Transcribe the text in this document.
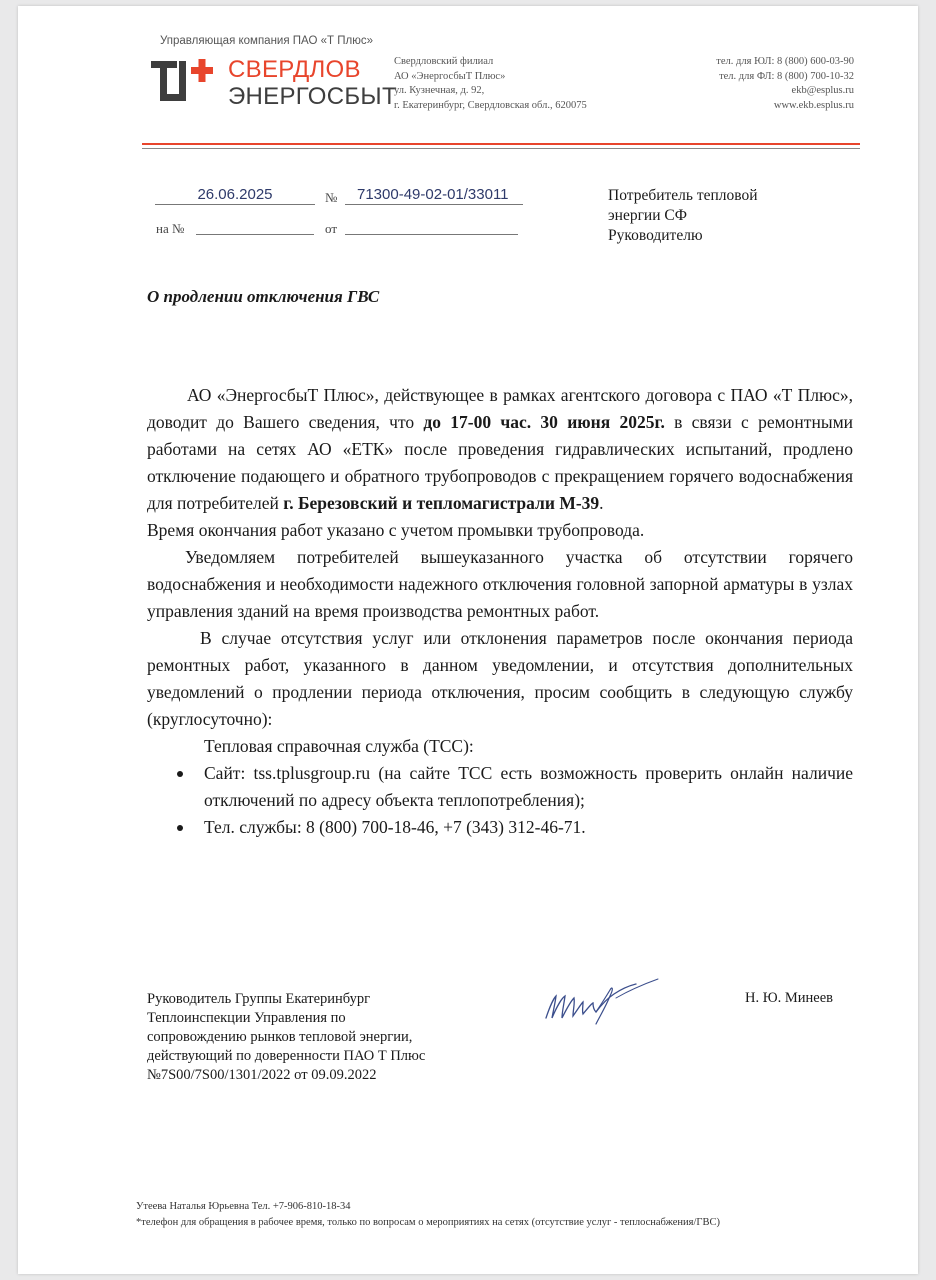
Управляющая компания ПАО «Т Плюс»
СВЕРДЛОВ
ЭНЕРГОСБЫТ
Свердловский филиал
АО «ЭнергосбыТ Плюс»
ул. Кузнечная, д. 92,
г. Екатеринбург, Свердловская обл., 620075
тел. для ЮЛ: 8 (800) 600-03-90
тел. для ФЛ: 8 (800) 700-10-32
ekb@esplus.ru
www.ekb.esplus.ru
26.06.2025	№	71300-49-02-01/33011
на №	от
Потребитель тепловой
энергии СФ
Руководителю
О продлении отключения ГВС

АО «ЭнергосбыТ Плюс», действующее в рамках агентского договора с ПАО «Т Плюс», доводит до Вашего сведения, что до 17-00 час. 30 июня 2025г. в связи с ремонтными работами на сетях АО «ЕТК» после проведения гидравлических испытаний, продлено отключение подающего и обратного трубопроводов с прекращением горячего водоснабжения для потребителей г. Березовский и тепломагистрали М-39.

Время окончания работ указано с учетом промывки трубопровода.

Уведомляем потребителей вышеуказанного участка об отсутствии горячего водоснабжения и необходимости надежного отключения головной запорной арматуры в узлах управления зданий на время производства ремонтных работ.

В случае отсутствия услуг или отклонения параметров после окончания периода ремонтных работ, указанного в данном уведомлении, и отсутствия дополнительных уведомлений о продлении периода отключения, просим сообщить в следующую службу (круглосуточно):

Тепловая справочная служба (ТСС):

Сайт: tss.tplusgroup.ru (на сайте ТСС есть возможность проверить онлайн наличие отключений по адресу объекта теплопотребления);
Тел. службы: 8 (800) 700-18-46, +7 (343) 312-46-71.
Руководитель Группы Екатеринбург
Теплоинспекции Управления по
сопровождению рынков тепловой энергии,
действующий по доверенности ПАО Т Плюс
№7S00/7S00/1301/2022 от 09.09.2022
Н. Ю. Минеев
Утеева Наталья Юрьевна Тел. +7-906-810-18-34
*телефон для обращения в рабочее время, только по вопросам о мероприятиях на сетях (отсутствие услуг - теплоснабжения/ГВС)
